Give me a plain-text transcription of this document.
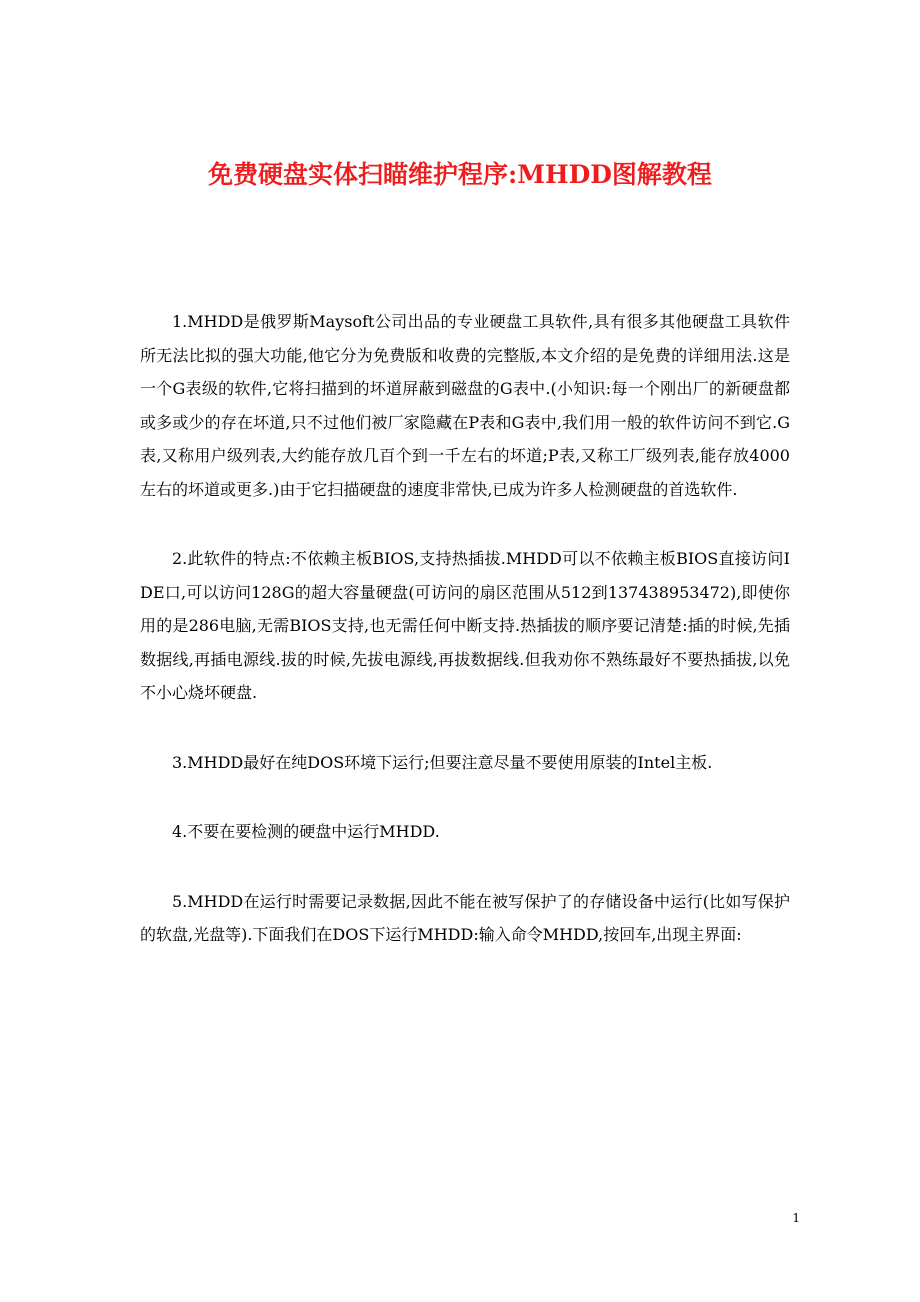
免费硬盘实体扫瞄维护程序:MHDD图解教程

1.MHDD是俄罗斯Maysoft公司出品的专业硬盘工具软件,具有很多其他硬盘工具软件所无法比拟的强大功能,他它分为免费版和收费的完整版,本文介绍的是免费的详细用法.这是一个G表级的软件,它将扫描到的坏道屏蔽到磁盘的G表中.(小知识:每一个刚出厂的新硬盘都或多或少的存在坏道,只不过他们被厂家隐藏在P表和G表中,我们用一般的软件访问不到它.G表,又称用户级列表,大约能存放几百个到一千左右的坏道;P表,又称工厂级列表,能存放4000左右的坏道或更多.)由于它扫描硬盘的速度非常快,已成为许多人检测硬盘的首选软件.

2.此软件的特点:不依赖主板BIOS,支持热插拔.MHDD可以不依赖主板BIOS直接访问IDE口,可以访问128G的超大容量硬盘(可访问的扇区范围从512到137438953472),即使你用的是286电脑,无需BIOS支持,也无需任何中断支持.热插拔的顺序要记清楚:插的时候,先插数据线,再插电源线.拔的时候,先拔电源线,再拔数据线.但我劝你不熟练最好不要热插拔,以免不小心烧坏硬盘.

3.MHDD最好在纯DOS环境下运行;但要注意尽量不要使用原装的Intel主板.

4.不要在要检测的硬盘中运行MHDD.

5.MHDD在运行时需要记录数据,因此不能在被写保护了的存储设备中运行(比如写保护的软盘,光盘等).下面我们在DOS下运行MHDD:输入命令MHDD,按回车,出现主界面:

1
